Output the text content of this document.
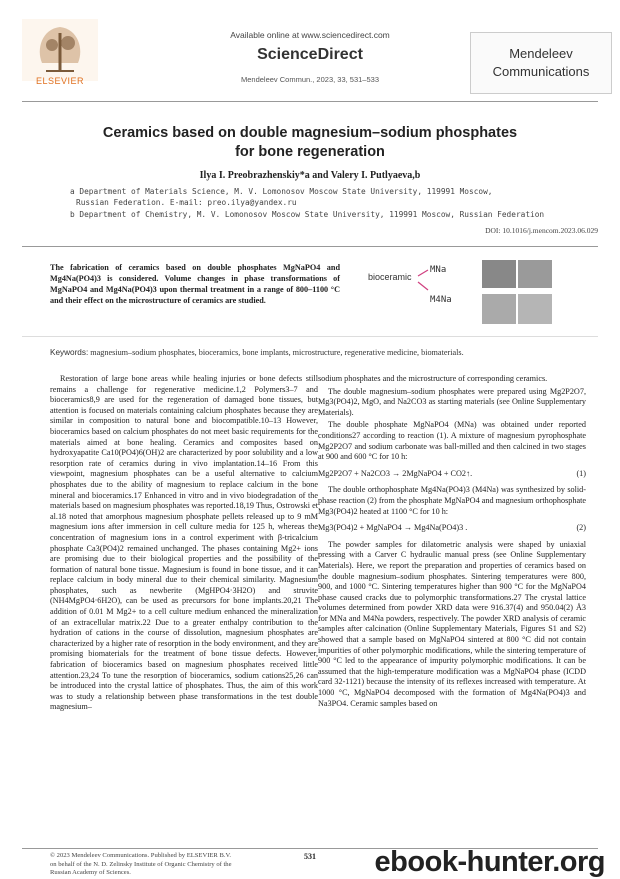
ELSEVIER
Available online at www.sciencedirect.com
ScienceDirect
Mendeleev Commun., 2023, 33, 531–533
Mendeleev
Communications
Ceramics based on double magnesium–sodium phosphates
for bone regeneration
Ilya I. Preobrazhenskiy*a and Valery I. Putlyaeva,b
a Department of Materials Science, M. V. Lomonosov Moscow State University, 119991 Moscow,
Russian Federation. E-mail: preo.ilya@yandex.ru
b Department of Chemistry, M. V. Lomonosov Moscow State University, 119991 Moscow, Russian Federation
DOI: 10.1016/j.mencom.2023.06.029
The fabrication of ceramics based on double phosphates MgNaPO4 and Mg4Na(PO4)3 is considered. Volume changes in phase transformations of MgNaPO4 and Mg4Na(PO4)3 upon thermal treatment in a range of 800–1100 °C and their effect on the microstructure of ceramics are studied.
bioceramic
MNa
M4Na
Keywords: magnesium–sodium phosphates, bioceramics, bone implants, microstructure, regenerative medicine, biomaterials.

Restoration of large bone areas while healing injuries or bone defects still remains a challenge for regenerative medicine.1,2 Polymers3–7 and bioceramics8,9 are used for the regeneration of damaged bone tissues, but attention is focused on materials containing calcium phosphates because they are similar in composition to natural bone and biocompatible.10–13 However, bioceramics based on calcium phosphates do not meet basic requirements for the materials aimed at bone healing. Ceramics and composites based on hydroxyapatite Ca10(PO4)6(OH)2 are characterized by poor solubility and a low resorption rate of ceramics during in vivo implantation.14–16 From this viewpoint, magnesium phosphates can be a useful alternative to calcium phosphates due to the ability of magnesium to replace calcium in the bone mineral and bioceramics.17 Enhanced in vitro and in vivo biodegradation of the materials based on magnesium phosphates was reported.18,19 Thus, Ostrowski et al.18 noted that amorphous magnesium phosphate pellets released up to 9 mM magnesium ions after immersion in cell culture media for 125 h, whereas the concentration of magnesium ions in a control experiment with β-tricalcium phosphate Ca3(PO4)2 remained unchanged. The phases containing Mg2+ ions are promising due to their biological properties and the possibility of the formation of natural bone tissue. Magnesium is found in bone tissue, and it can replace calcium in body mineral due to their chemical similarity. Magnesium phosphates, such as newberite (MgHPO4·3H2O) and struvite (NH4MgPO4·6H2O), can be used as precursors for bone implants.20,21 The addition of 0.01 M Mg2+ to a cell culture medium enhanced the mineralization of an extracellular matrix.22 Due to a greater enthalpy contribution to the hydration of cations in the course of dissolution, magnesium phosphates are characterized by a higher rate of resorption in the body environment, and they are promising biomaterials for the treatment of bone tissue defects. However, fabrication of bioceramics based on magnesium phosphates received little attention.23,24 To tune the resorption of bioceramics, sodium cations25,26 can be introduced into the crystal lattice of phosphates. Thus, the aim of this work was to study a relationship between phase transformations in the test double magnesium–

sodium phosphates and the microstructure of corresponding ceramics.

The double magnesium–sodium phosphates were prepared using Mg2P2O7, Mg3(PO4)2, MgO, and Na2CO3 as starting materials (see Online Supplementary Materials).

The double phosphate MgNaPO4 (MNa) was obtained under reported conditions27 according to reaction (1). A mixture of magnesium pyrophosphate Mg2P2O7 and sodium carbonate was ball-milled and then calcined in two stages at 900 and 600 °C for 10 h:

Mg2P2O7 + Na2CO3 → 2MgNaPO4 + CO2↑.	(1)

The double orthophosphate Mg4Na(PO4)3 (M4Na) was synthesized by solid-phase reaction (2) from the phosphate MgNaPO4 and magnesium orthophosphate Mg3(PO4)2 heated at 1100 °C for 10 h:

Mg3(PO4)2 + MgNaPO4 → Mg4Na(PO4)3 .	(2)

The powder samples for dilatometric analysis were shaped by uniaxial pressing with a Carver C hydraulic manual press (see Online Supplementary Materials). Here, we report the preparation and properties of ceramics based on the double magnesium–sodium phosphates. Sintering temperatures were 800, 900, and 1000 °C. Sintering temperatures higher than 900 °C for the MgNaPO4 phase caused cracks due to polymorphic transformations.27 The crystal lattice volumes determined from powder XRD data were 916.37(4) and 950.04(2) Å3 for MNa and M4Na powders, respectively. The powder XRD analysis of ceramic samples after calcination (Online Supplementary Materials, Figures S1 and S2) showed that a sample based on MgNaPO4 sintered at 800 °C did not contain impurities of other polymorphic modifications, while the sintering temperature of 900 °C led to the appearance of impurity polymorphic modifications. It can be assumed that the high-temperature modification was a MgNaPO4 phase (ICDD card 32-1121) because the intensity of its reflexes increased with temperature. At 1000 °C, MgNaPO4 decomposed with the formation of Mg4Na(PO4)3 and Na3PO4. Ceramic samples based on

© 2023 Mendeleev Communications. Published by ELSEVIER B.V.
on behalf of the N. D. Zelinsky Institute of Organic Chemistry of the
Russian Academy of Sciences.
531	ebook-hunter.org
